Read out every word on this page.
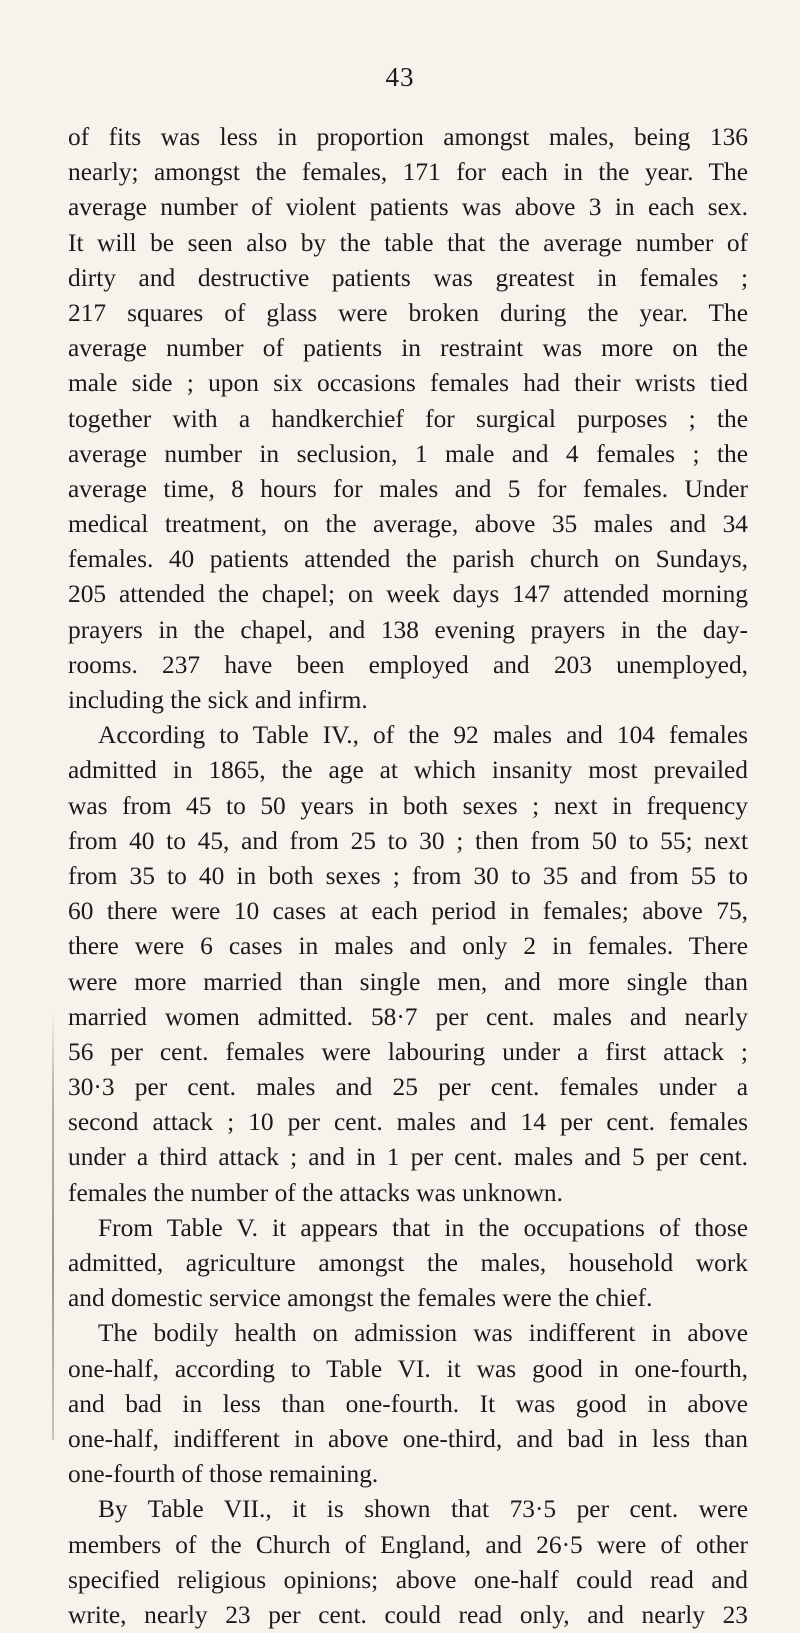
43
of fits was less in proportion amongst males, being 136
nearly; amongst the females, 171 for each in the year. The
average number of violent patients was above 3 in each sex.
It will be seen also by the table that the average number of
dirty and destructive patients was greatest in females ;
217 squares of glass were broken during the year. The
average number of patients in restraint was more on the
male side ; upon six occasions females had their wrists tied
together with a handkerchief for surgical purposes ; the
average number in seclusion, 1 male and 4 females ; the
average time, 8 hours for males and 5 for females. Under
medical treatment, on the average, above 35 males and 34
females. 40 patients attended the parish church on Sundays,
205 attended the chapel; on week days 147 attended morning
prayers in the chapel, and 138 evening prayers in the day-
rooms. 237 have been employed and 203 unemployed,
including the sick and infirm.
According to Table IV., of the 92 males and 104 females
admitted in 1865, the age at which insanity most prevailed
was from 45 to 50 years in both sexes ; next in frequency
from 40 to 45, and from 25 to 30 ; then from 50 to 55; next
from 35 to 40 in both sexes ; from 30 to 35 and from 55 to
60 there were 10 cases at each period in females; above 75,
there were 6 cases in males and only 2 in females. There
were more married than single men, and more single than
married women admitted. 58·7 per cent. males and nearly
56 per cent. females were labouring under a first attack ;
30·3 per cent. males and 25 per cent. females under a
second attack ; 10 per cent. males and 14 per cent. females
under a third attack ; and in 1 per cent. males and 5 per cent.
females the number of the attacks was unknown.
From Table V. it appears that in the occupations of those
admitted, agriculture amongst the males, household work
and domestic service amongst the females were the chief.
The bodily health on admission was indifferent in above
one-half, according to Table VI. it was good in one-fourth,
and bad in less than one-fourth. It was good in above
one-half, indifferent in above one-third, and bad in less than
one-fourth of those remaining.
By Table VII., it is shown that 73·5 per cent. were
members of the Church of England, and 26·5 were of other
specified religious opinions; above one-half could read and
write, nearly 23 per cent. could read only, and nearly 23
